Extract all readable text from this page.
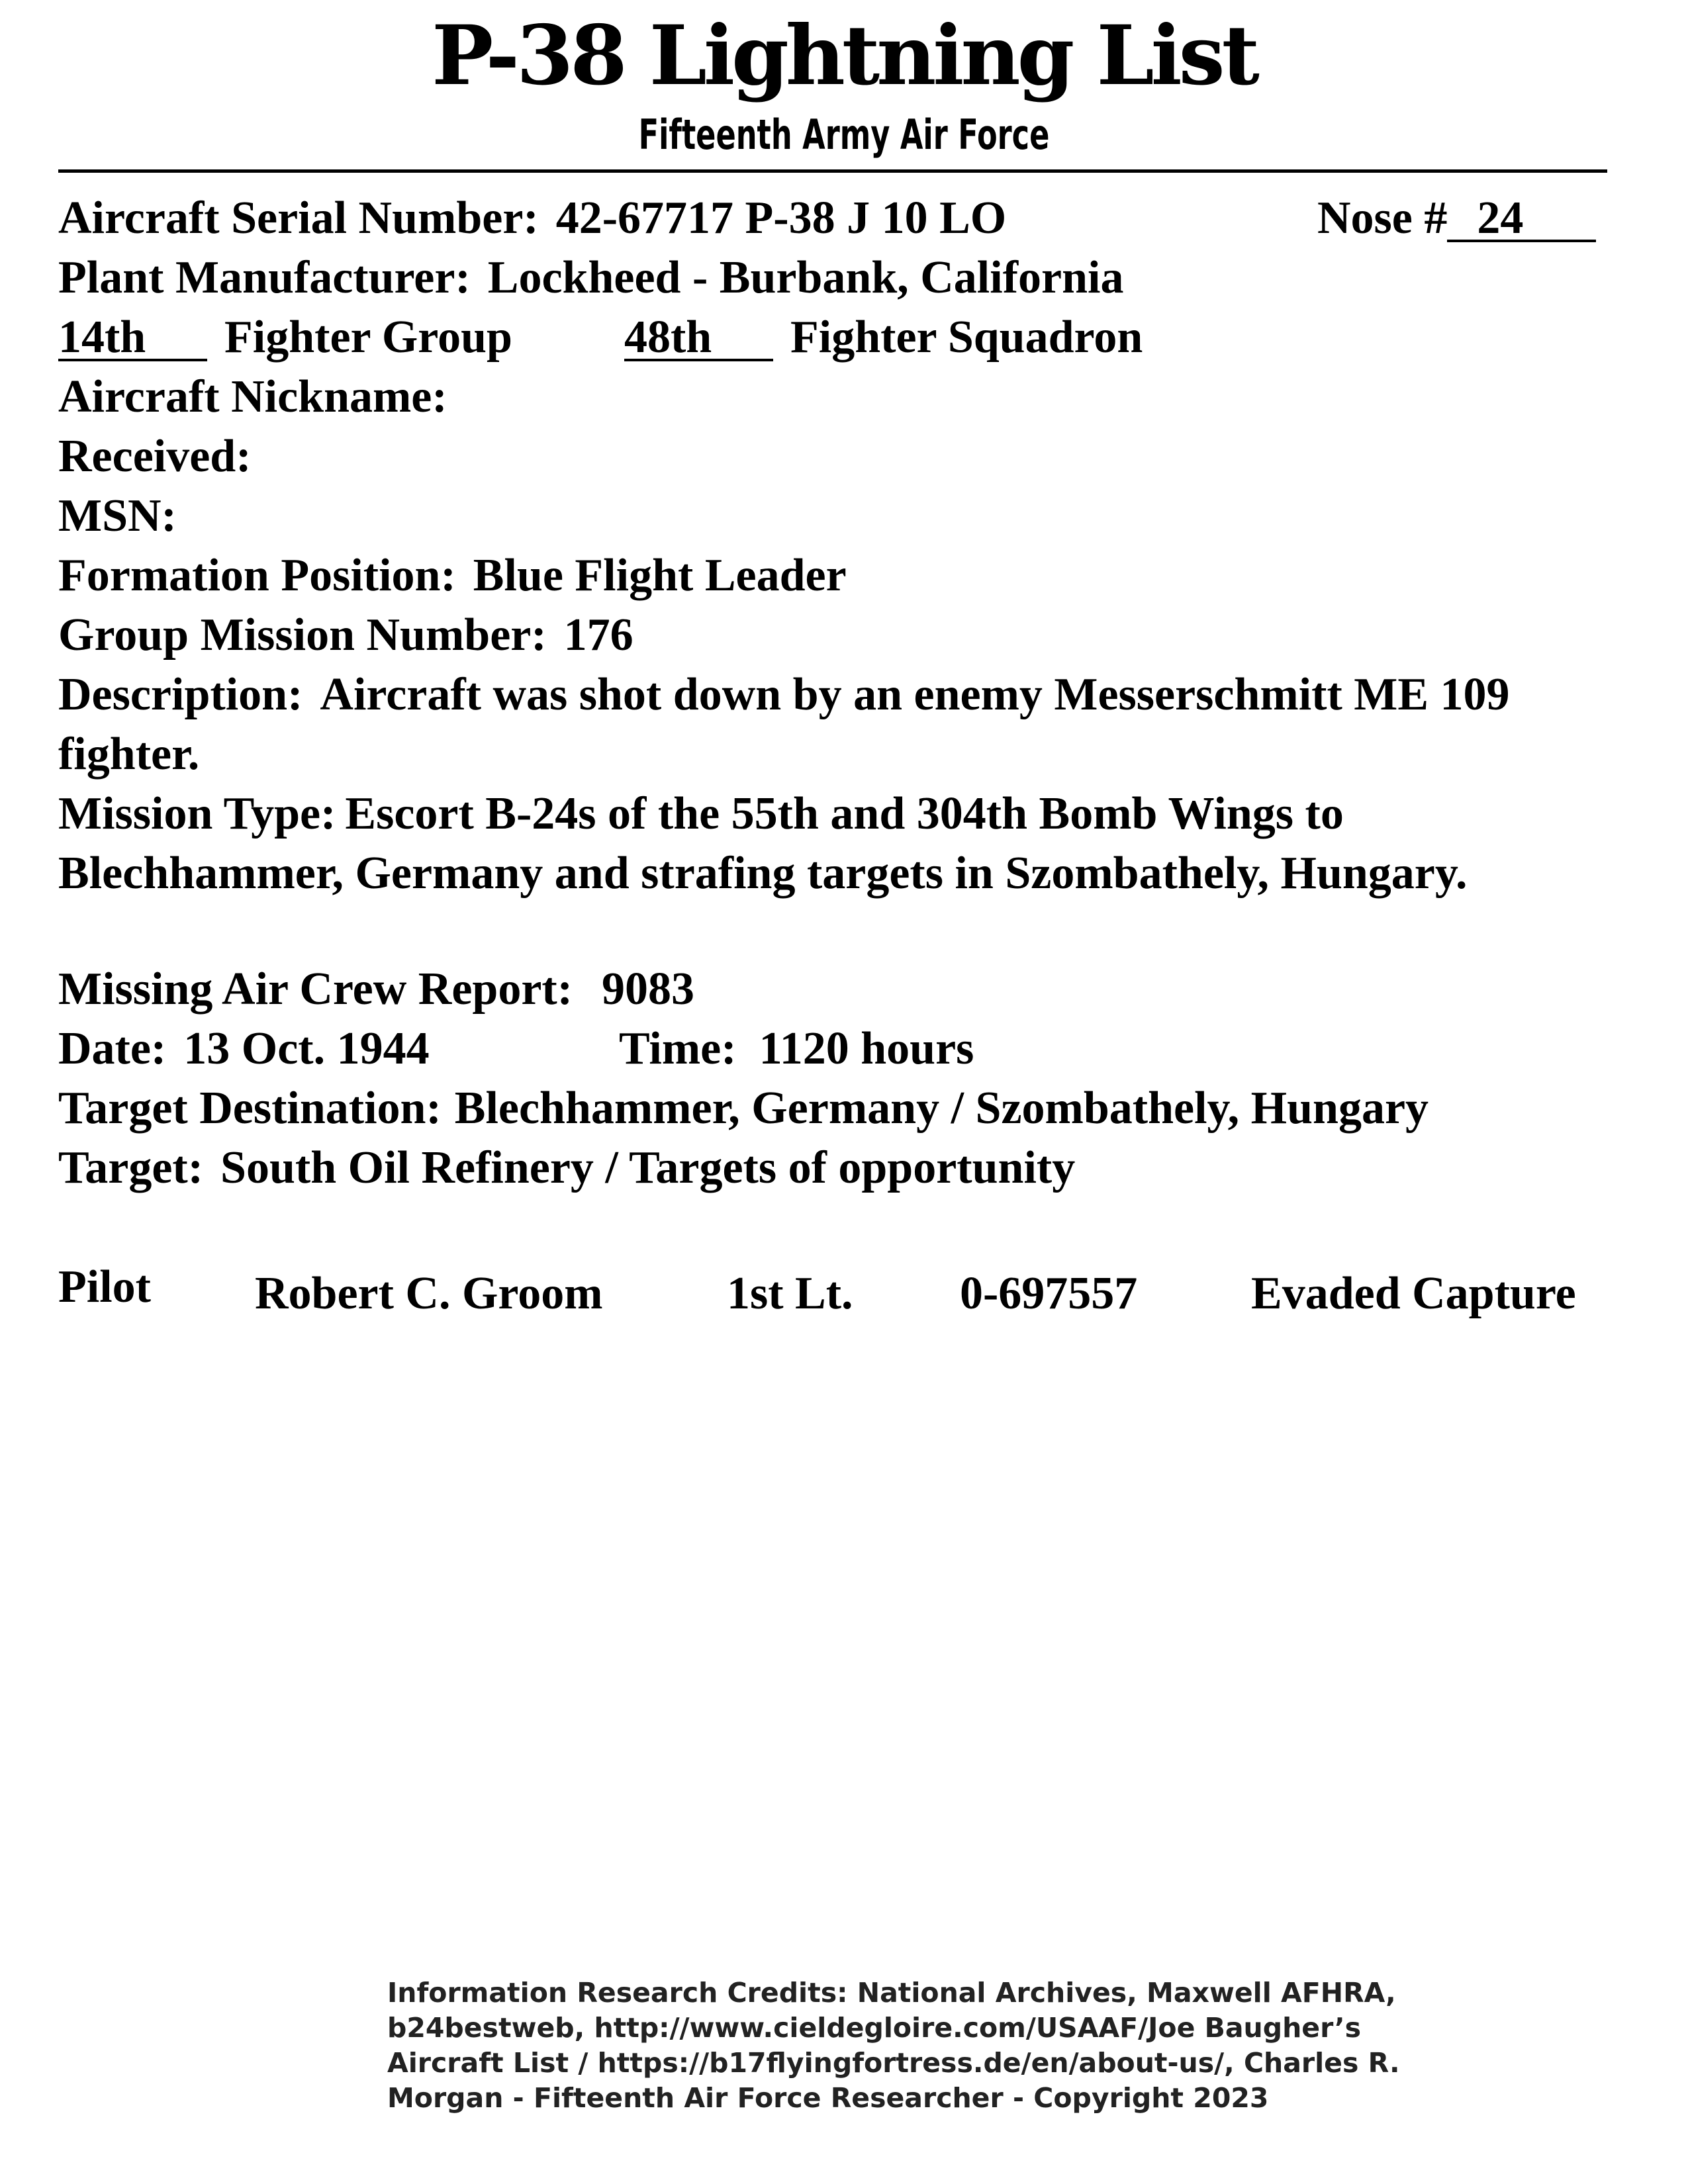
P-38 Lightning List
Fifteenth Army Air Force
Aircraft Serial Number: 42-67717 P-38 J 10 LO	Nose # 24
Plant Manufacturer: Lockheed - Burbank, California
14th Fighter Group 48th Fighter Squadron
Aircraft Nickname:
Received:
MSN:
Formation Position: Blue Flight Leader
Group Mission Number: 176
Description: Aircraft was shot down by an enemy Messerschmitt ME 109
fighter.
Mission Type: Escort B-24s of the 55th and 304th Bomb Wings to
Blechhammer, Germany and strafing targets in Szombathely, Hungary.
Missing Air Crew Report: 9083
Date: 13 Oct. 1944	Time: 1120 hours
Target Destination: Blechhammer, Germany / Szombathely, Hungary
Target: South Oil Refinery / Targets of opportunity
Pilot Robert C. Groom	1st Lt. 0-697557 Evaded Capture
Information Research Credits: National Archives, Maxwell AFHRA,
b24bestweb, http://www.cieldegloire.com/USAAF/Joe Baugher’s
Aircraft List / https://b17flyingfortress.de/en/about-us/, Charles R.
Morgan - Fifteenth Air Force Researcher - Copyright 2023
